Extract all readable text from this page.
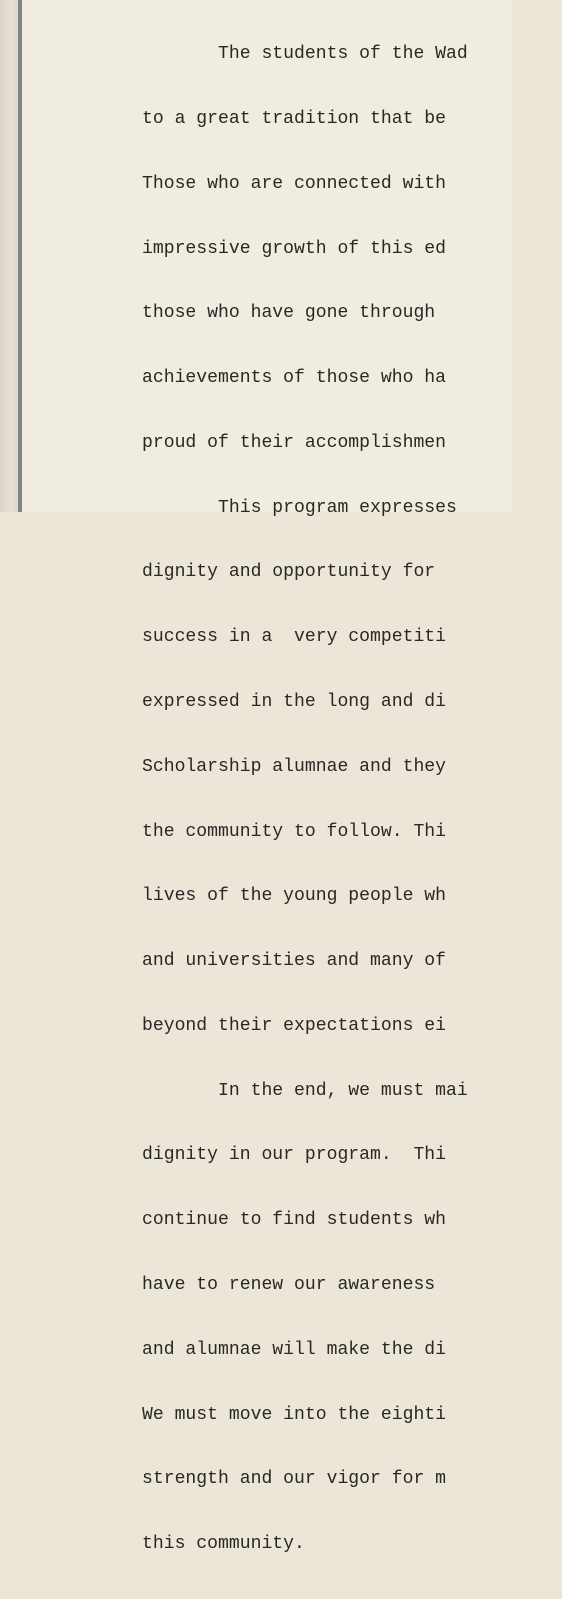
The students of the Wad

to a great tradition that be

Those who are connected with

impressive growth of this ed

those who have gone through

achievements of those who ha

proud of their accomplishmen

This program expresses

dignity and opportunity for

success in a  very competiti

expressed in the long and di

Scholarship alumnae and they

the community to follow. Thi

lives of the young people wh

and universities and many of

beyond their expectations ei

In the end, we must mai

dignity in our program.  Thi

continue to find students wh

have to renew our awareness

and alumnae will make the di

We must move into the eighti

strength and our vigor for m

this community.
